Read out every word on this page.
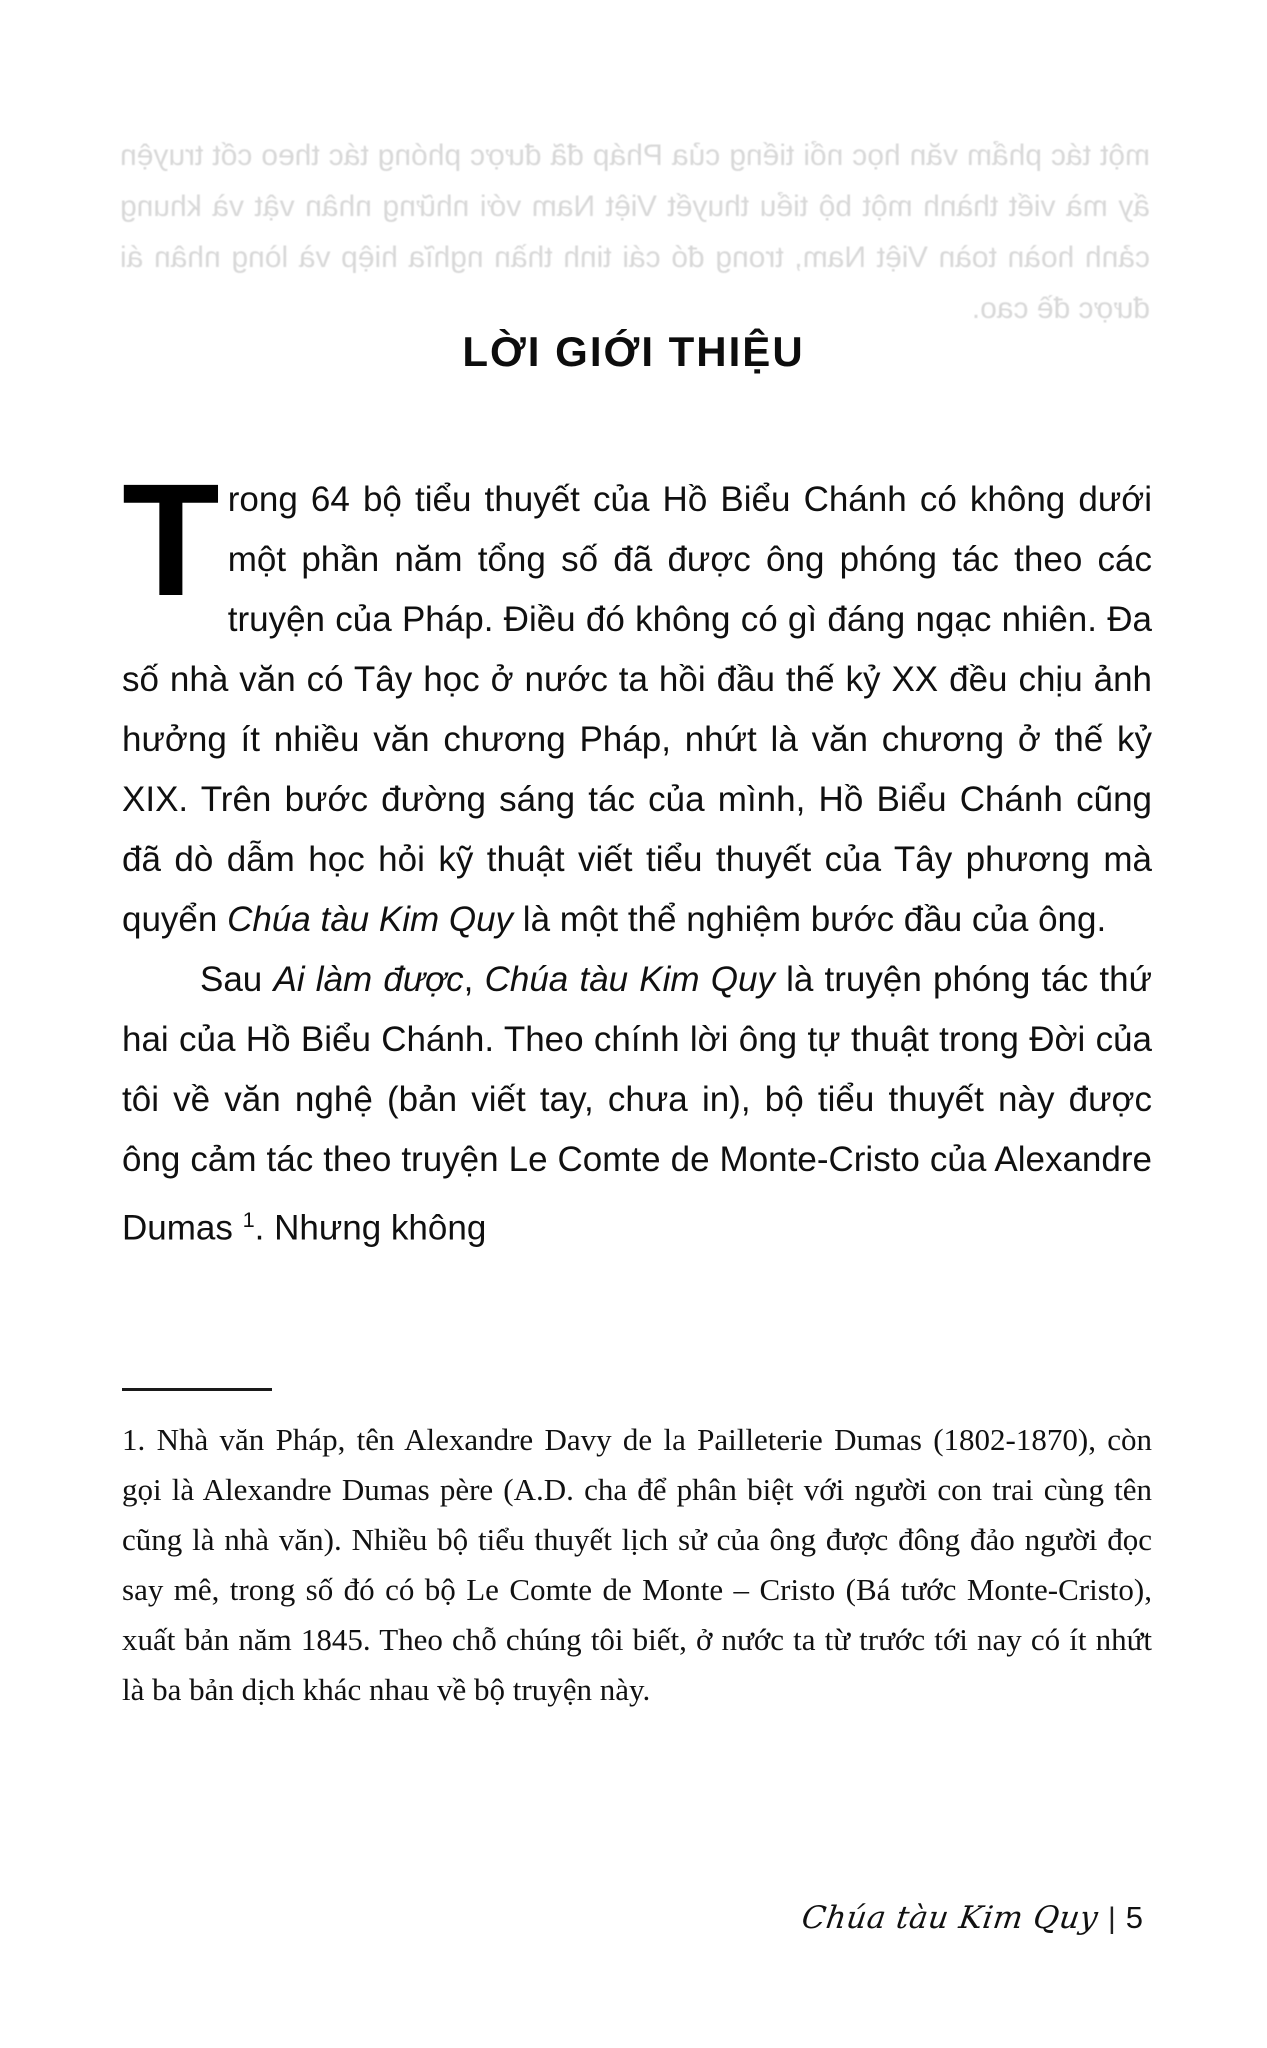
một tác phẩm văn học nổi tiếng của Pháp đã được phóng tác theo cốt truyện ấy mà viết thành một bộ tiểu thuyết Việt Nam với những nhân vật và khung cảnh hoàn toàn Việt Nam, trong đó cái tinh thần nghĩa hiệp và lòng nhân ái được đề cao.
LỜI GIỚI THIỆU

Trong 64 bộ tiểu thuyết của Hồ Biểu Chánh có không dưới một phần năm tổng số đã được ông phóng tác theo các truyện của Pháp. Điều đó không có gì đáng ngạc nhiên. Đa số nhà văn có Tây học ở nước ta hồi đầu thế kỷ XX đều chịu ảnh hưởng ít nhiều văn chương Pháp, nhứt là văn chương ở thế kỷ XIX. Trên bước đường sáng tác của mình, Hồ Biểu Chánh cũng đã dò dẫm học hỏi kỹ thuật viết tiểu thuyết của Tây phương mà quyển Chúa tàu Kim Quy là một thể nghiệm bước đầu của ông.

Sau Ai làm được, Chúa tàu Kim Quy là truyện phóng tác thứ hai của Hồ Biểu Chánh. Theo chính lời ông tự thuật trong Đời của tôi về văn nghệ (bản viết tay, chưa in), bộ tiểu thuyết này được ông cảm tác theo truyện Le Comte de Monte-Cristo của Alexandre Dumas $^1$. Nhưng không

1. Nhà văn Pháp, tên Alexandre Davy de la Pailleterie Dumas (1802-1870), còn gọi là Alexandre Dumas père (A.D. cha để phân biệt với người con trai cùng tên cũng là nhà văn). Nhiều bộ tiểu thuyết lịch sử của ông được đông đảo người đọc say mê, trong số đó có bộ Le Comte de Monte – Cristo (Bá tước Monte-Cristo), xuất bản năm 1845. Theo chỗ chúng tôi biết, ở nước ta từ trước tới nay có ít nhứt là ba bản dịch khác nhau về bộ truyện này.

Chúa tàu Kim Quy | 5
